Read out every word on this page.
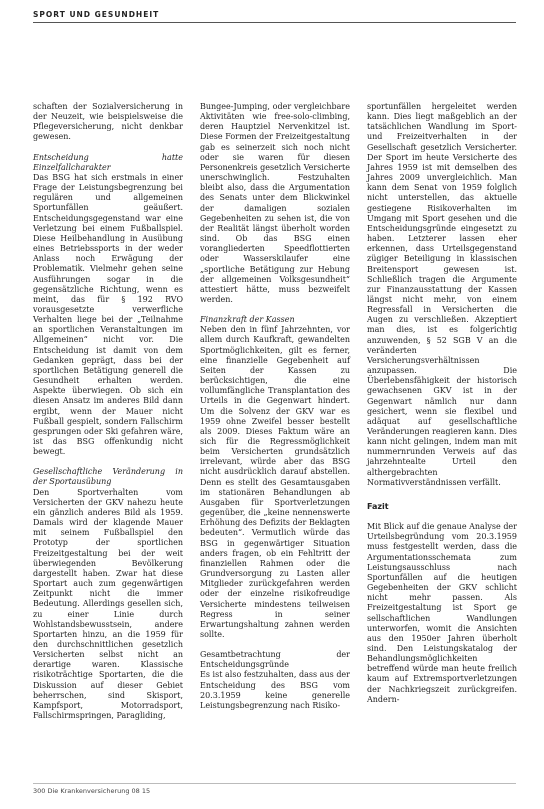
SPORT UND GESUNDHEIT

schaften der Sozialversicherung in der Neuzeit, wie beispielsweise die Pflegeversicherung, nicht denkbar gewesen.

Entscheidung hatte Einzelfallcharakter

Das BSG hat sich erstmals in einer Frage der Leistungsbegrenzung bei regulären und allgemeinen Sportunfällen geäußert. Entscheidungsgegenstand war eine Verletzung bei einem Fußballspiel. Diese Heilbehandlung in Ausübung eines Betriebssports in der weder Anlass noch Erwägung der Problematik. Vielmehr gehen seine Ausführungen sogar in die gegensätzliche Richtung, wenn es meint, das für § 192 RVO vorausgesetzte verwerfliche Verhalten liege bei der „Teilnahme an sportlichen Veranstaltungen im Allgemeinen“ nicht vor. Die Entscheidung ist damit von dem Gedanken geprägt, dass bei der sportlichen Betätigung generell die Gesundheit erhalten werden. Aspekte überwiegen. Ob sich ein diesen Ansatz im anderes Bild dann ergibt, wenn der Mauer nicht Fußball gespielt, sondern Fallschirm gesprungen oder Ski gefahren wäre, ist das BSG offenkundig nicht bewegt.

Gesellschaftliche Veränderung in der Sportausübung

Den Sportverhalten vom Versicherten der GKV nahezu heute ein gänzlich anderes Bild als 1959. Damals wird der klagende Mauer mit seinem Fußballspiel den Prototyp der sportlichen Freizeitgestaltung bei der weit überwiegenden Bevölkerung dargestellt haben. Zwar hat diese Sportart auch zum gegenwärtigen Zeitpunkt nicht die immer Bedeutung. Allerdings gesellen sich, zu einer Linie durch Wohlstandsbewusstsein, andere Sportarten hinzu, an die 1959 für den durchschnittlichen gesetzlich Versicherten selbst nicht an derartige waren. Klassische risikoträchtige Sportarten, die die Diskussion auf dieser Gebiet beherrschen, sind Skisport, Kampfsport, Motorradsport, Fallschirmspringen, Paragliding,

Bungee-Jumping, oder vergleichbare Aktivitäten wie free-solo-climbing, deren Hauptziel Nervenkitzel ist. Diese Formen der Freizeitgestaltung gab es seinerzeit sich noch nicht oder sie waren für diesen Personenkreis gesetzlich Versicherte unerschwinglich. Festzuhalten bleibt also, dass die Argumentation des Senats unter dem Blickwinkel der damaligen sozialen Gegebenheiten zu sehen ist, die von der Realität längst überholt worden sind. Ob das BSG einen vorangliederten Speedflottierten oder Wasserskilaufer eine „sportliche Betätigung zur Hebung der allgemeinen Volksgesundheit“ attestiert hätte, muss bezweifelt werden.

Finanzkraft der Kassen

Neben den in fünf Jahrzehnten, vor allem durch Kaufkraft, gewandelten Sportmöglichkeiten, gilt es ferner, eine finanzielle Gegebenheit auf Seiten der Kassen zu berücksichtigen, die eine vollumfängliche Transplantation des Urteils in die Gegenwart hindert. Um die Solvenz der GKV war es 1959 ohne Zweifel besser bestellt als 2009. Dieses Faktum wäre an sich für die Regressmöglichkeit beim Versicherten grundsätzlich irrelevant, würde aber das BSG nicht ausdrücklich darauf abstellen. Denn es stellt des Gesamtausgaben im stationären Behandlungen ab Ausgaben für Sportverletzungen gegenüber, die „keine nennenswerte Erhöhung des Defizits der Beklagten bedeuten“. Vermutlich würde das BSG in gegenwärtiger Situation anders fragen, ob ein Fehltritt der finanziellen Rahmen oder die Grundversorgung zu Lasten aller Mitglieder zurückgefahren werden oder der einzelne risikofreudige Versicherte mindestens teilweisen Regress in seiner Erwartungshaltung zahnen werden sollte.

Gesamtbetrachtung der Entscheidungsgründe

Es ist also festzuhalten, dass aus der Entscheidung des BSG vom 20.3.1959 keine generelle Leistungsbegrenzung nach Risiko-

sportunfällen hergeleitet werden kann. Dies liegt maßgeblich an der tatsächlichen Wandlung im Sport- und Freizeitverhalten in der Gesellschaft gesetzlich Versicherter. Der Sport im heute Versicherte des Jahres 1959 ist mit demselben des Jahres 2009 unvergleichlich. Man kann dem Senat von 1959 folglich nicht unterstellen, das aktuelle gestiegene Risikoverhalten im Umgang mit Sport gesehen und die Entscheidungsgründe eingesetzt zu haben. Letzterer lassen eher erkennen, dass Urteilsgegenstand zügiger Beteiligung in klassischen Breitensport gewesen ist. Schließlich tragen die Argumente zur Finanzausstattung der Kassen längst nicht mehr, von einem Regressfall in Versicherten die Augen zu verschließen. Akzeptiert man dies, ist es folgerichtig anzuwenden, § 52 SGB V an die veränderten Versicherungsverhältnissen anzupassen. Die Überlebensfähigkeit der historisch gewachsenen GKV ist in der Gegenwart nämlich nur dann gesichert, wenn sie flexibel und adäquat auf gesellschaftliche Veränderungen reagieren kann. Dies kann nicht gelingen, indem man mit nummernrunden Verweis auf das jahrzehntealte Urteil den althergebrachten Normativverständnissen verfällt.

Fazit

Mit Blick auf die genaue Analyse der Urteilsbegründung vom 20.3.1959 muss festgestellt werden, dass die Argumentationsschemata zum Leistungsausschluss nach Sportunfällen auf die heutigen Gegebenheiten der GKV schlicht nicht mehr passen. Als Freizeitgestaltung ist Sport ge sellschaftlichen Wandlungen unterworfen, womit die Ansichten aus den 1950er Jahren überholt sind. Den Leistungskatalog der Behandlungsmöglichkeiten betreffend würde man heute freilich kaum auf Extremsportverletzungen der Nachkriegszeit zurückgreifen. Andern-

300 Die Krankenversicherung 08 15
